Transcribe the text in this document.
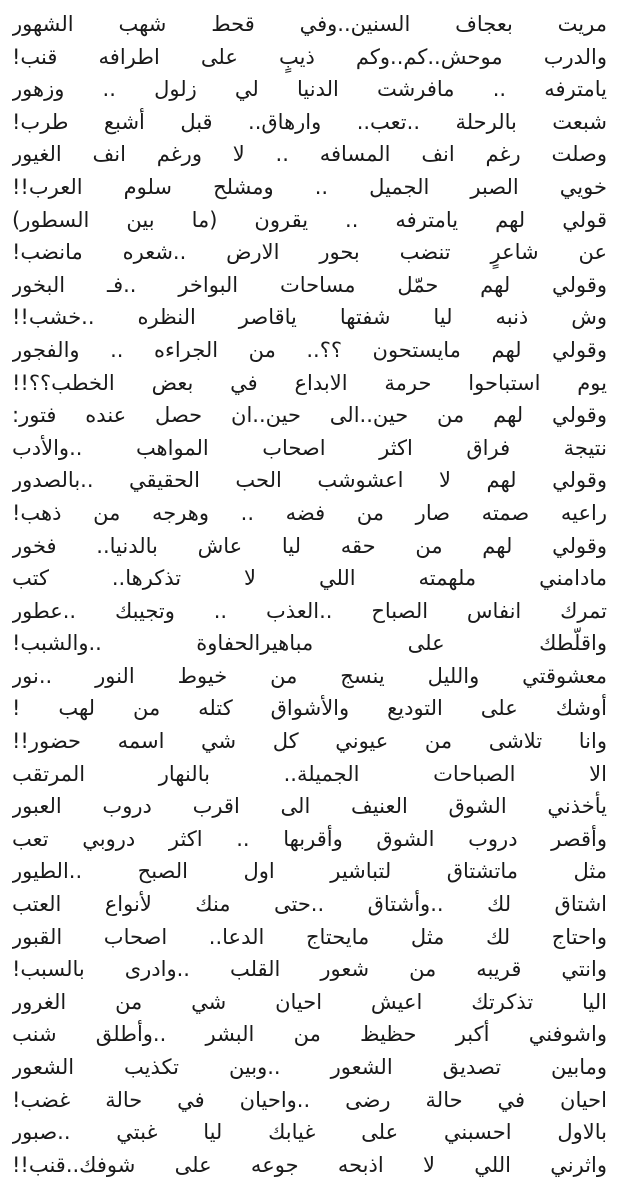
مريت بعجاف السنين..وفي قحط شهب الشهور
والدرب موحش..كم..وكم ذيبٍ على اطرافه قنب!
يامترفه .. مافرشت الدنيا لي زلول .. وزهور
شبعت بالرحلة ..تعب.. وارهاق.. قبل أشبع طرب!
وصلت رغم انف المسافه .. لا ورغم انف الغيور
خويي الصبر الجميل .. ومشلح سلوم العرب!!
قولي لهم يامترفه .. يقرون (ما بين السطور)
عن شاعرٍ تنضب بحور الارض ..شعره مانضب!
وقولي لهم حمّل مساحات البواخر ..فـ البخور
وش ذنبه ليا شفتها ياقاصر النظره ..خشب!!
وقولي لهم مايستحون ؟؟.. من الجراءه .. والفجور
يوم استباحوا حرمة الابداع في بعض الخطب؟؟!!
وقولي لهم من حين..الى حين..ان حصل عنده فتور:
نتيجة فراق اكثر اصحاب المواهب ..والأدب
وقولي لهم لا اعشوشب الحب الحقيقي ..بالصدور
راعيه صمته صار من فضه .. وهرجه من ذهب!
وقولي لهم من حقه ليا عاش بالدنيا.. فخور
مادامني ملهمته اللي لا تذكرها.. كتب
تمرك انفاس الصباح ..العذب .. وتجيبك ..عطور
واقلّطك على مباهيرالحفاوة ..والشبب!
معشوقتي والليل ينسج من خيوط النور ..نور
أوشك على التوديع والأشواق كتله من لهب !
وانا تلاشى من عيوني كل شي اسمه حضور!!
الا الصباحات الجميلة.. بالنهار المرتقب
يأخذني الشوق العنيف الى اقرب دروب العبور
وأقصر دروب الشوق وأقربها .. اكثر دروبي تعب
مثل ماتشتاق لتباشير اول الصبح ..الطيور
اشتاق لك ..وأشتاق ..حتى منك لأنواع العتب
واحتاج لك مثل مايحتاج الدعا.. اصحاب القبور
وانتي قريبه من شعور القلب ..وادرى بالسبب!
اليا تذكرتك اعيش احيان شي من الغرور
واشوفني أكبر حظيظ من البشر ..وأطلق شنب
ومابين تصديق الشعور ..وبين تكذيب الشعور
احيان في حالة رضى ..واحيان في حالة غضب!
بالاول احسبني على غيابك ليا غبتي ..صبور
واثرني اللي لا اذبحه جوعه على شوفك..قنب!!
